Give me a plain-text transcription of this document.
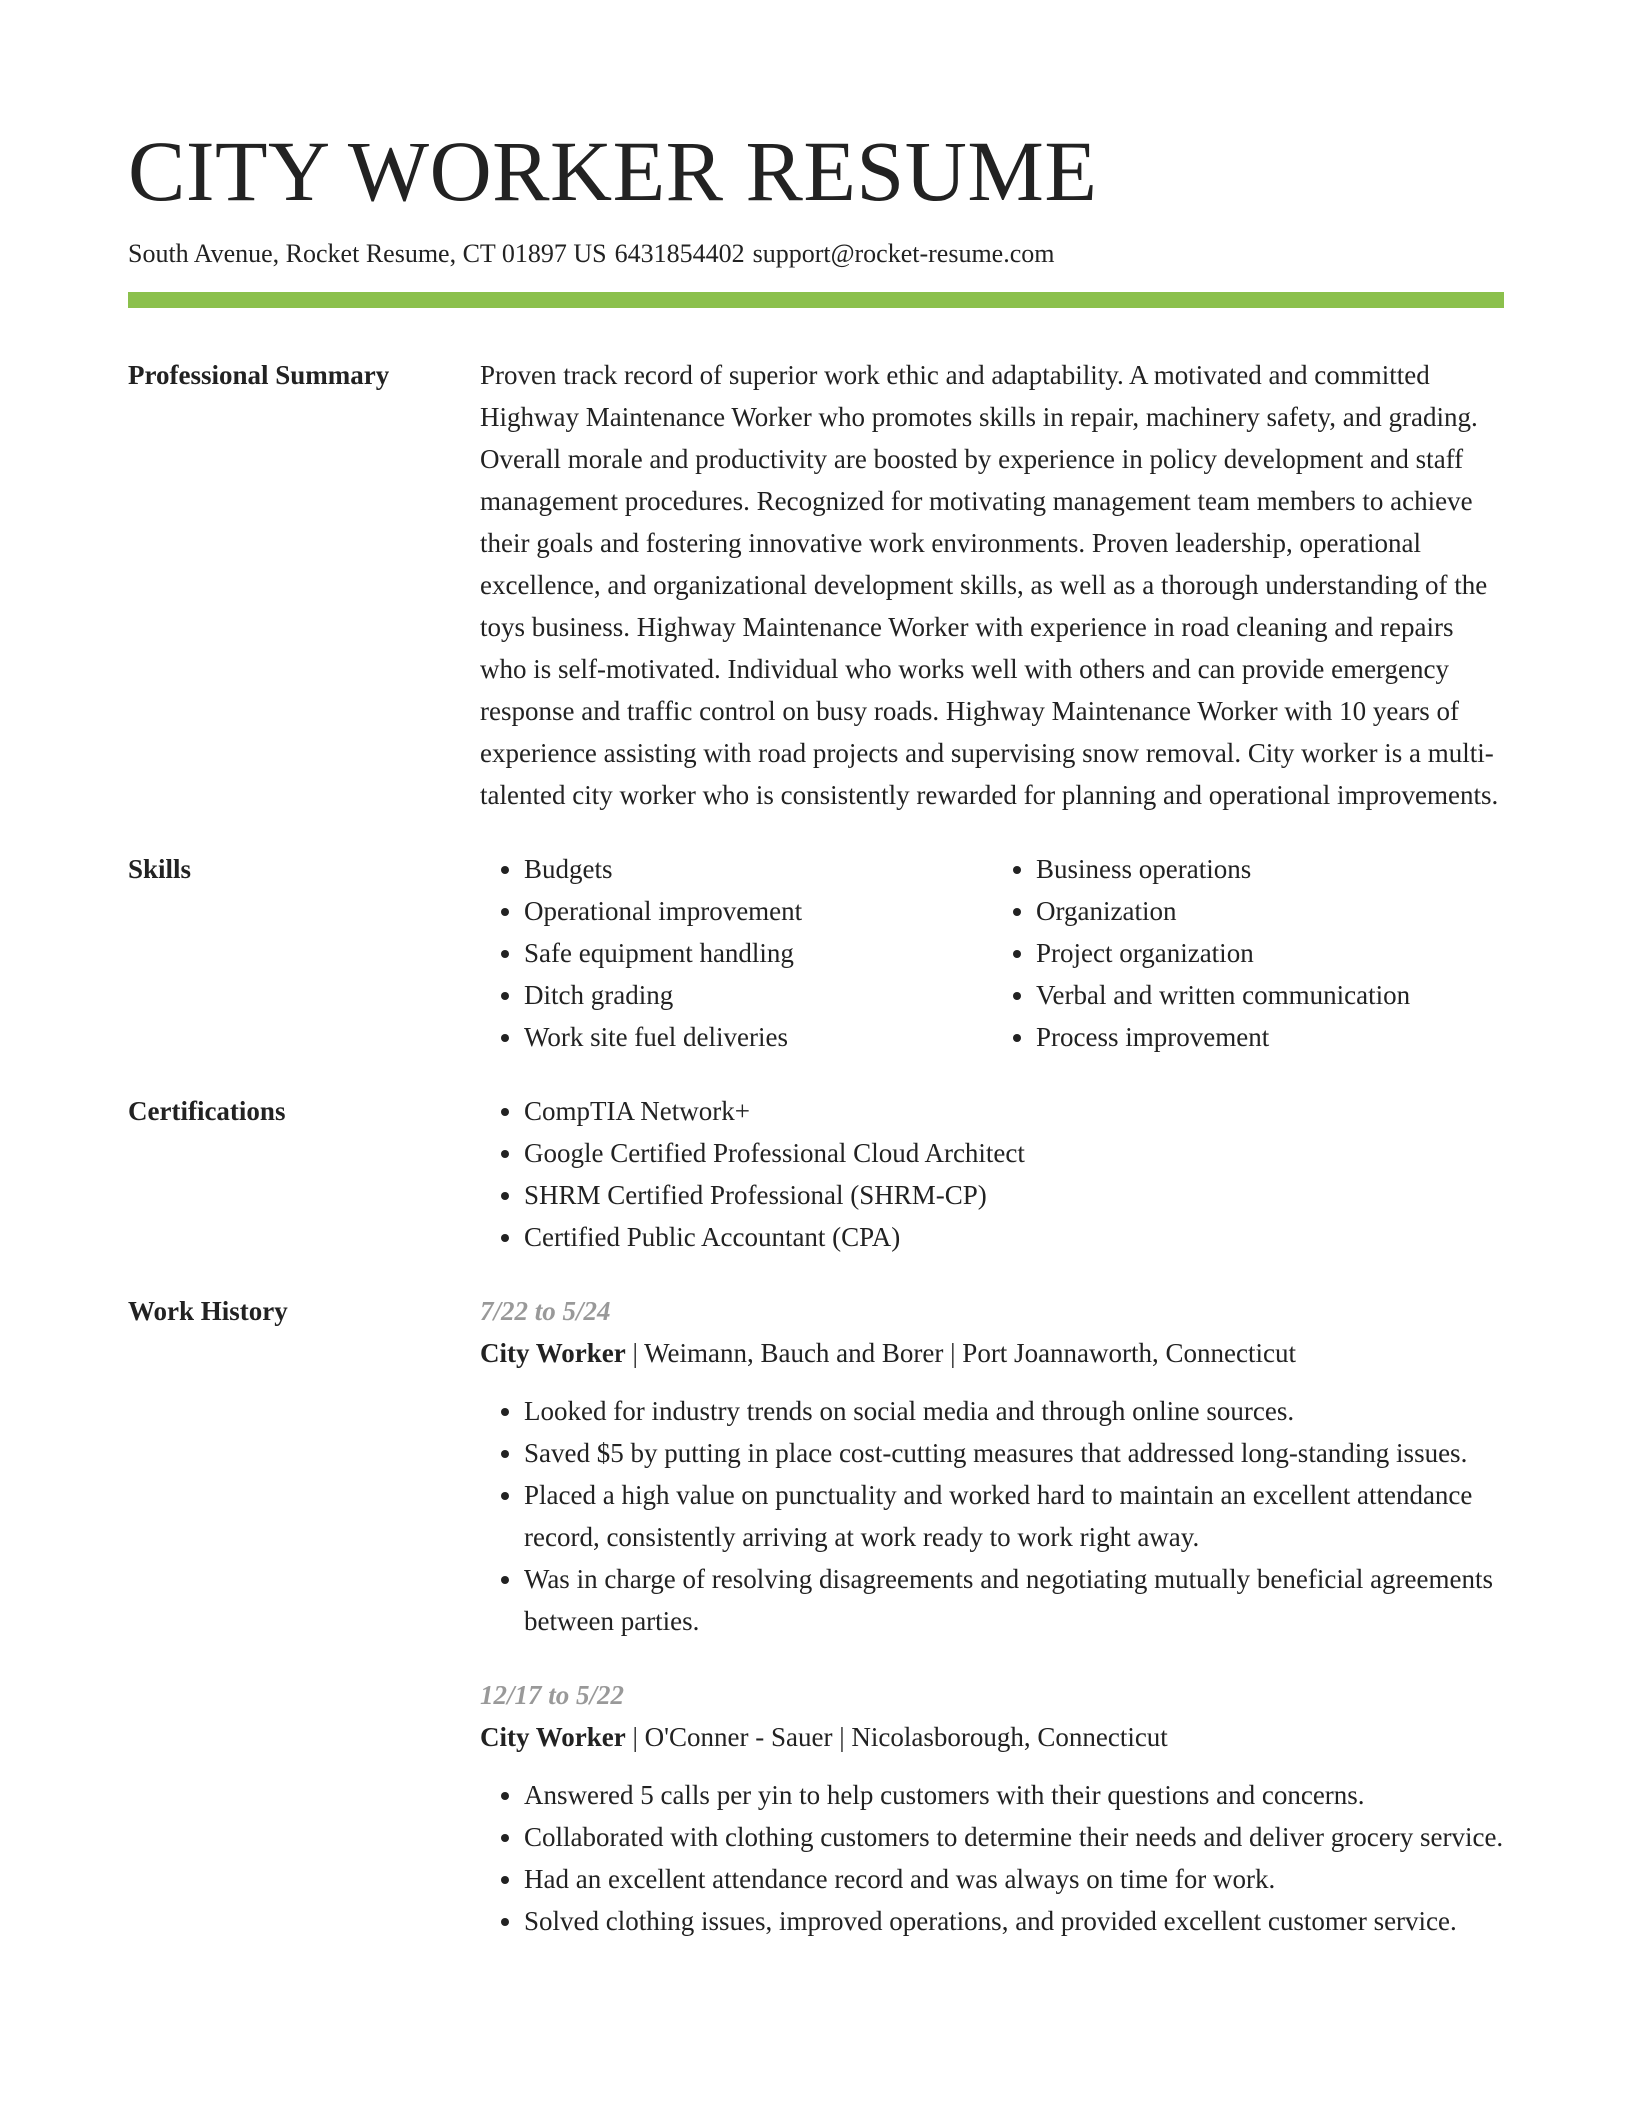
CITY WORKER RESUME
South Avenue, Rocket Resume, CT 01897 US 6431854402 support@rocket-resume.com
Professional Summary	Proven track record of superior work ethic and adaptability. A motivated and committed Highway Maintenance Worker who promotes skills in repair, machinery safety, and grading. Overall morale and productivity are boosted by experience in policy development and staff management procedures. Recognized for motivating management team members to achieve their goals and fostering innovative work environments. Proven leadership, operational excellence, and organizational development skills, as well as a thorough understanding of the toys business. Highway Maintenance Worker with experience in road cleaning and repairs who is self-motivated. Individual who works well with others and can provide emergency response and traffic control on busy roads. Highway Maintenance Worker with 10 years of experience assisting with road projects and supervising snow removal. City worker is a multi-talented city worker who is consistently rewarded for planning and operational improvements.

Skills	• Budgets
• Operational improvement
• Safe equipment handling
• Ditch grading
• Work site fuel deliveries
• Business operations
• Organization
• Project organization
• Verbal and written communication
• Process improvement
Certifications	• CompTIA Network+
• Google Certified Professional Cloud Architect
• SHRM Certified Professional (SHRM-CP)
• Certified Public Accountant (CPA)
Work History	7/22 to 5/24
City Worker | Weimann, Bauch and Borer | Port Joannaworth, Connecticut
• Looked for industry trends on social media and through online sources.
• Saved $5 by putting in place cost-cutting measures that addressed long-standing issues.
• Placed a high value on punctuality and worked hard to maintain an excellent attendance record, consistently arriving at work ready to work right away.
• Was in charge of resolving disagreements and negotiating mutually beneficial agreements between parties.
12/17 to 5/22
City Worker | O'Conner - Sauer | Nicolasborough, Connecticut
• Answered 5 calls per yin to help customers with their questions and concerns.
• Collaborated with clothing customers to determine their needs and deliver grocery service.
• Had an excellent attendance record and was always on time for work.
• Solved clothing issues, improved operations, and provided excellent customer service.
